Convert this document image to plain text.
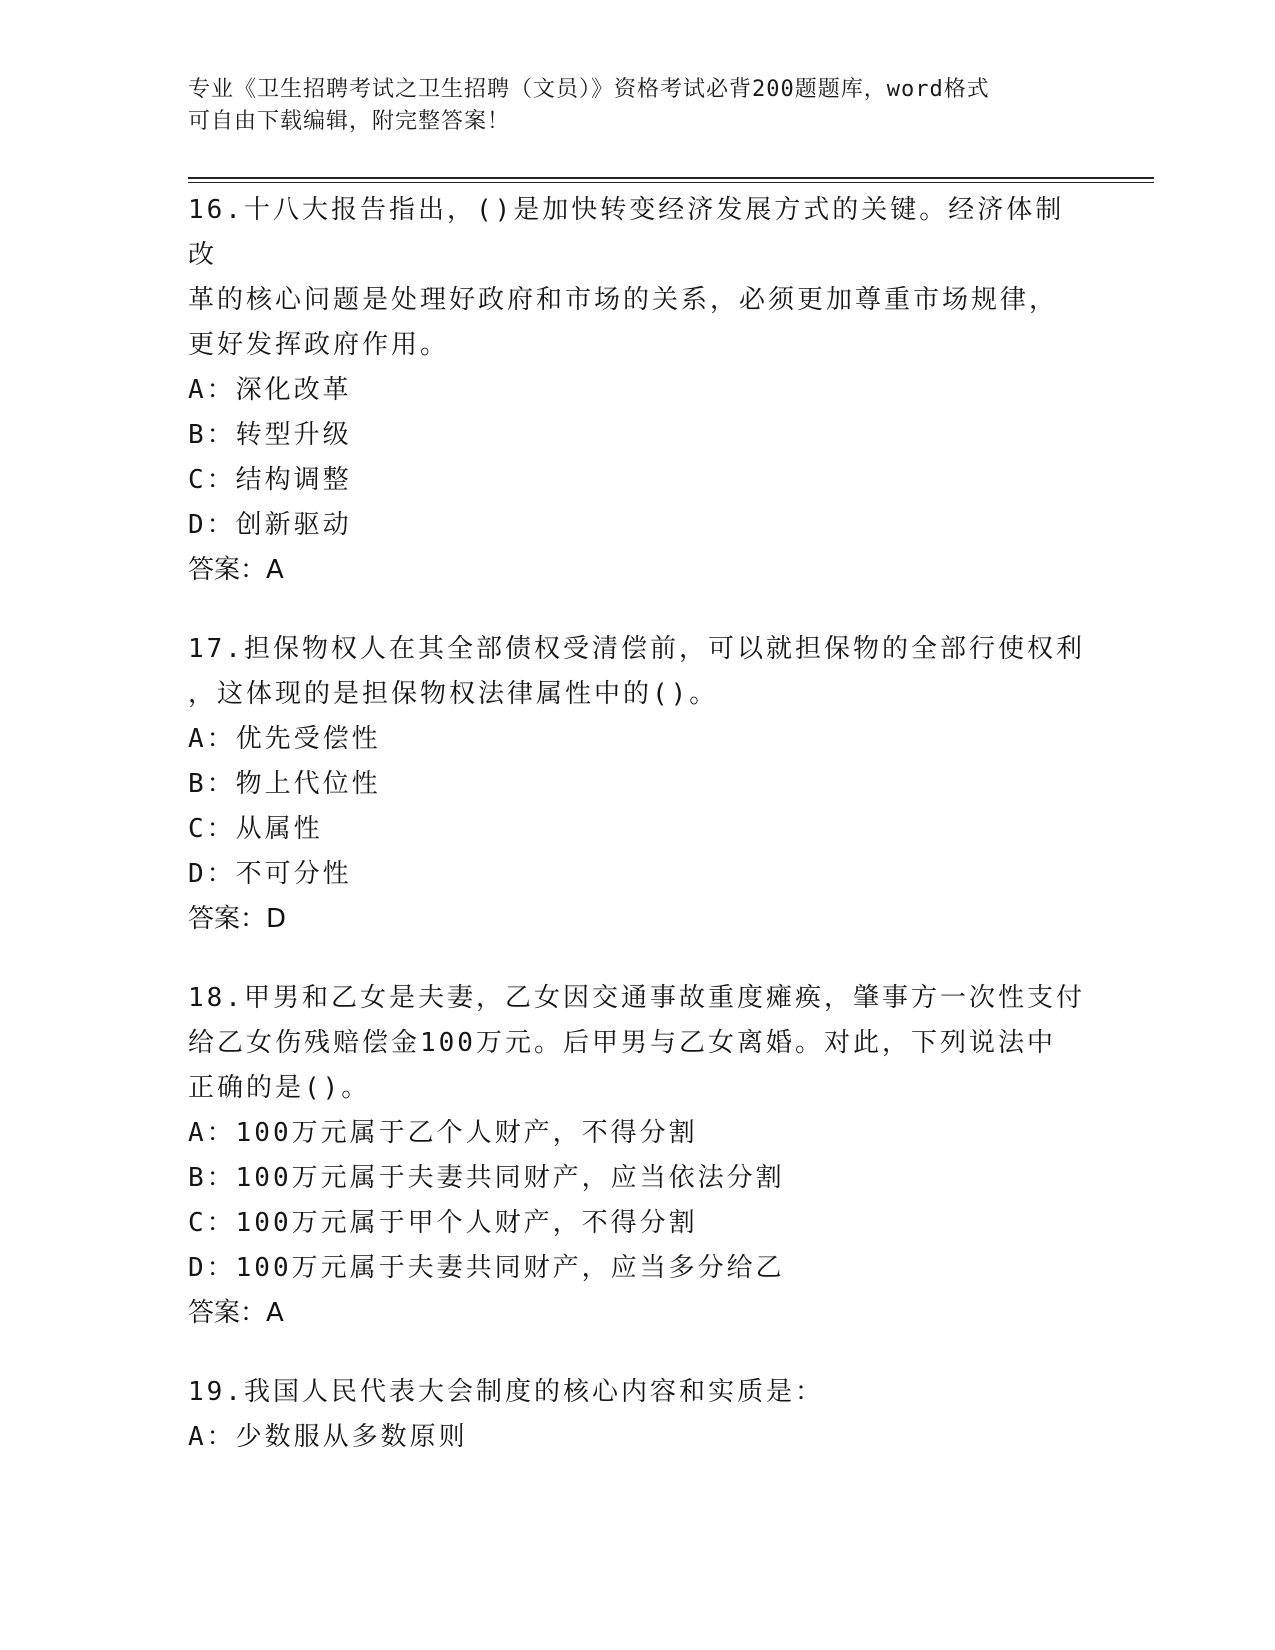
专业《卫生招聘考试之卫生招聘（文员）》资格考试必背200题题库，word格式
可自由下载编辑，附完整答案！

16.十八大报告指出，()是加快转变经济发展方式的关键。经济体制改

革的核心问题是处理好政府和市场的关系，必须更加尊重市场规律，

更好发挥政府作用。

A：深化改革

B：转型升级

C：结构调整

D：创新驱动

答案：A

17.担保物权人在其全部债权受清偿前，可以就担保物的全部行使权利

，这体现的是担保物权法律属性中的()。

A：优先受偿性

B：物上代位性

C：从属性

D：不可分性

答案：D

18.甲男和乙女是夫妻，乙女因交通事故重度瘫痪，肇事方一次性支付

给乙女伤残赔偿金100万元。后甲男与乙女离婚。对此，下列说法中

正确的是()。

A：100万元属于乙个人财产，不得分割

B：100万元属于夫妻共同财产，应当依法分割

C：100万元属于甲个人财产，不得分割

D：100万元属于夫妻共同财产，应当多分给乙

答案：A

19.我国人民代表大会制度的核心内容和实质是：

A：少数服从多数原则
